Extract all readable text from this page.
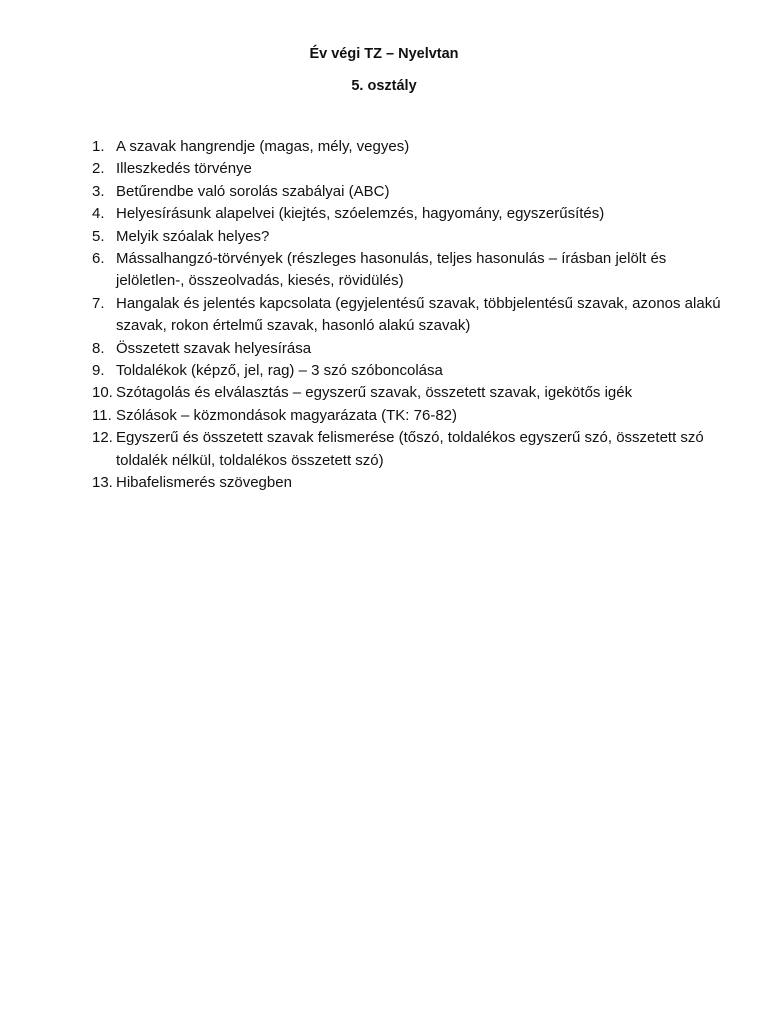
Év végi TZ – Nyelvtan
5. osztály
1. A szavak hangrendje (magas, mély, vegyes)
2. Illeszkedés törvénye
3. Betűrendbe való sorolás szabályai (ABC)
4. Helyesírásunk alapelvei (kiejtés, szóelemzés, hagyomány, egyszerűsítés)
5. Melyik szóalak helyes?
6. Mássalhangzó-törvények (részleges hasonulás, teljes hasonulás – írásban jelölt és jelöletlen-, összeolvadás, kiesés, rövidülés)
7. Hangalak és jelentés kapcsolata (egyjelentésű szavak, többjelentésű szavak, azonos alakú szavak, rokon értelmű szavak, hasonló alakú szavak)
8. Összetett szavak helyesírása
9. Toldalékok (képző, jel, rag) – 3 szó szóboncolása
10. Szótagolás és elválasztás – egyszerű szavak, összetett szavak, igekötős igék
11. Szólások – közmondások magyarázata (TK: 76-82)
12. Egyszerű és összetett szavak felismerése (tőszó, toldalékos egyszerű szó, összetett szó toldalék nélkül, toldalékos összetett szó)
13. Hibafelismerés szövegben
